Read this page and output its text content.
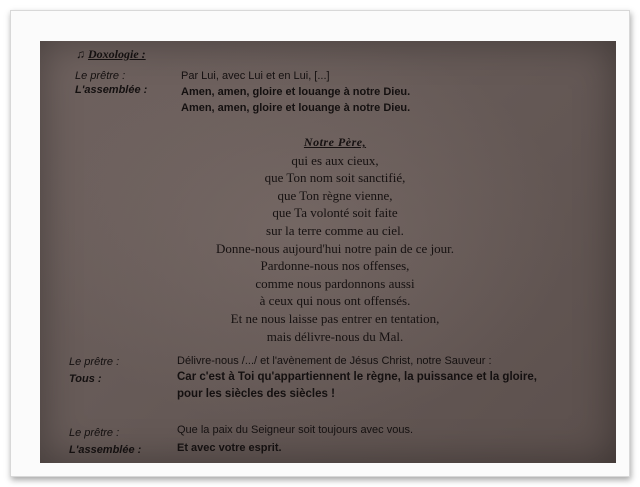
♫ Doxologie :
Le prêtre :	Par Lui, avec Lui et en Lui, [...]
L'assemblée :	Amen, amen, gloire et louange à notre Dieu.
Amen, amen, gloire et louange à notre Dieu.
Notre Père,
qui es aux cieux,
que Ton nom soit sanctifié,
que Ton règne vienne,
que Ta volonté soit faite
sur la terre comme au ciel.
Donne-nous aujourd'hui notre pain de ce jour.
Pardonne-nous nos offenses,
comme nous pardonnons aussi
à ceux qui nous ont offensés.
Et ne nous laisse pas entrer en tentation,
mais délivre-nous du Mal.
Le prêtre :	Délivre-nous /.../ et l'avènement de Jésus Christ, notre Sauveur :
Tous :	Car c'est à Toi qu'appartiennent le règne, la puissance et la gloire,
pour les siècles des siècles !
Le prêtre :	Que la paix du Seigneur soit toujours avec vous.
L'assemblée :	Et avec votre esprit.
